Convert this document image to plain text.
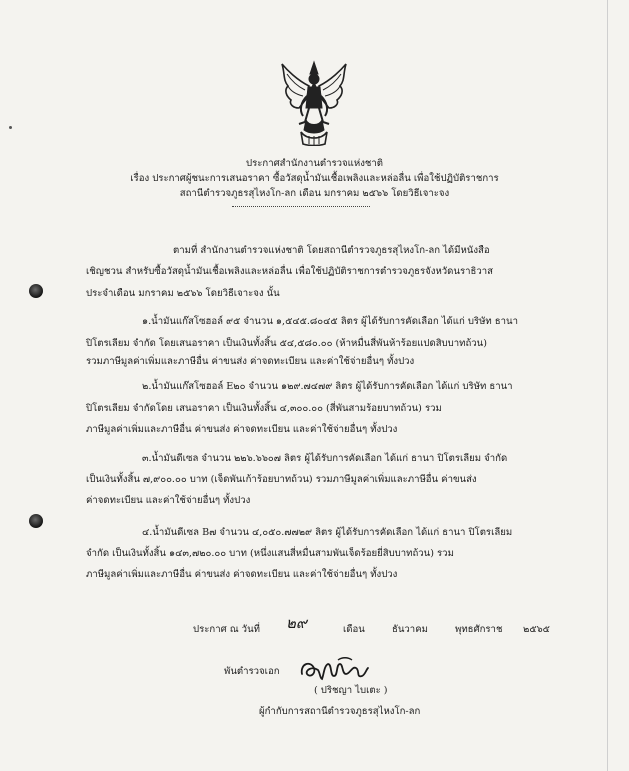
ประกาศสำนักงานตำรวจแห่งชาติ
เรื่อง ประกาศผู้ชนะการเสนอราคา ซื้อวัสดุน้ำมันเชื้อเพลิงและหล่อลื่น เพื่อใช้ปฏิบัติราชการ
สถานีตำรวจภูธรสุไหงโก-ลก เดือน มกราคม ๒๕๖๖ โดยวิธีเจาะจง
ตามที่ สำนักงานตำรวจแห่งชาติ โดยสถานีตำรวจภูธรสุไหงโก-ลก ได้มีหนังสือ
เชิญชวน สำหรับซื้อวัสดุน้ำมันเชื้อเพลิงและหล่อลื่น เพื่อใช้ปฏิบัติราชการตำรวจภูธรจังหวัดนราธิวาส
ประจำเดือน มกราคม ๒๕๖๖ โดยวิธีเจาะจง นั้น
๑.น้ำมันแก๊สโซฮอล์ ๙๕ จำนวน ๑,๕๔๕.๘๐๔๕ ลิตร ผู้ได้รับการคัดเลือก ได้แก่ บริษัท ธานา
ปิโตรเลียม จำกัด โดยเสนอราคา เป็นเงินทั้งสิ้น ๕๔,๕๘๐.๐๐ (ห้าหมื่นสี่พันห้าร้อยแปดสิบบาทถ้วน)
รวมภาษีมูลค่าเพิ่มและภาษีอื่น ค่าขนส่ง ค่าจดทะเบียน และค่าใช้จ่ายอื่นๆ ทั้งปวง
๒.น้ำมันแก๊สโซฮอล์ E๒๐ จำนวน ๑๒๙.๗๔๗๙ ลิตร ผู้ได้รับการคัดเลือก ได้แก่ บริษัท ธานา
ปิโตรเลียม จำกัดโดย เสนอราคา เป็นเงินทั้งสิ้น ๔,๓๐๐.๐๐ (สี่พันสามร้อยบาทถ้วน) รวม
ภาษีมูลค่าเพิ่มและภาษีอื่น ค่าขนส่ง ค่าจดทะเบียน และค่าใช้จ่ายอื่นๆ ทั้งปวง
๓.น้ำมันดีเซล จำนวน ๒๒๖.๖๖๐๗ ลิตร ผู้ได้รับการคัดเลือก ได้แก่ ธานา ปิโตรเลียม จำกัด
เป็นเงินทั้งสิ้น ๗,๙๐๐.๐๐ บาท (เจ็ดพันเก้าร้อยบาทถ้วน) รวมภาษีมูลค่าเพิ่มและภาษีอื่น ค่าขนส่ง
ค่าจดทะเบียน และค่าใช้จ่ายอื่นๆ ทั้งปวง
๔.น้ำมันดีเซล B๗ จำนวน ๔,๐๕๐.๗๗๒๙ ลิตร ผู้ได้รับการคัดเลือก ได้แก่ ธานา ปิโตรเลียม
จำกัด เป็นเงินทั้งสิ้น ๑๔๓,๗๒๐.๐๐ บาท (หนึ่งแสนสี่หมื่นสามพันเจ็ดร้อยยี่สิบบาทถ้วน) รวม
ภาษีมูลค่าเพิ่มและภาษีอื่น ค่าขนส่ง ค่าจดทะเบียน และค่าใช้จ่ายอื่นๆ ทั้งปวง
ประกาศ ณ วันที่ ๒๙	เดือน	ธันวาคม	พุทธศักราช ๒๕๖๕
พันตำรวจเอก
( ปริชญา ไบเตะ )
ผู้กำกับการสถานีตำรวจภูธรสุไหงโก-ลก
